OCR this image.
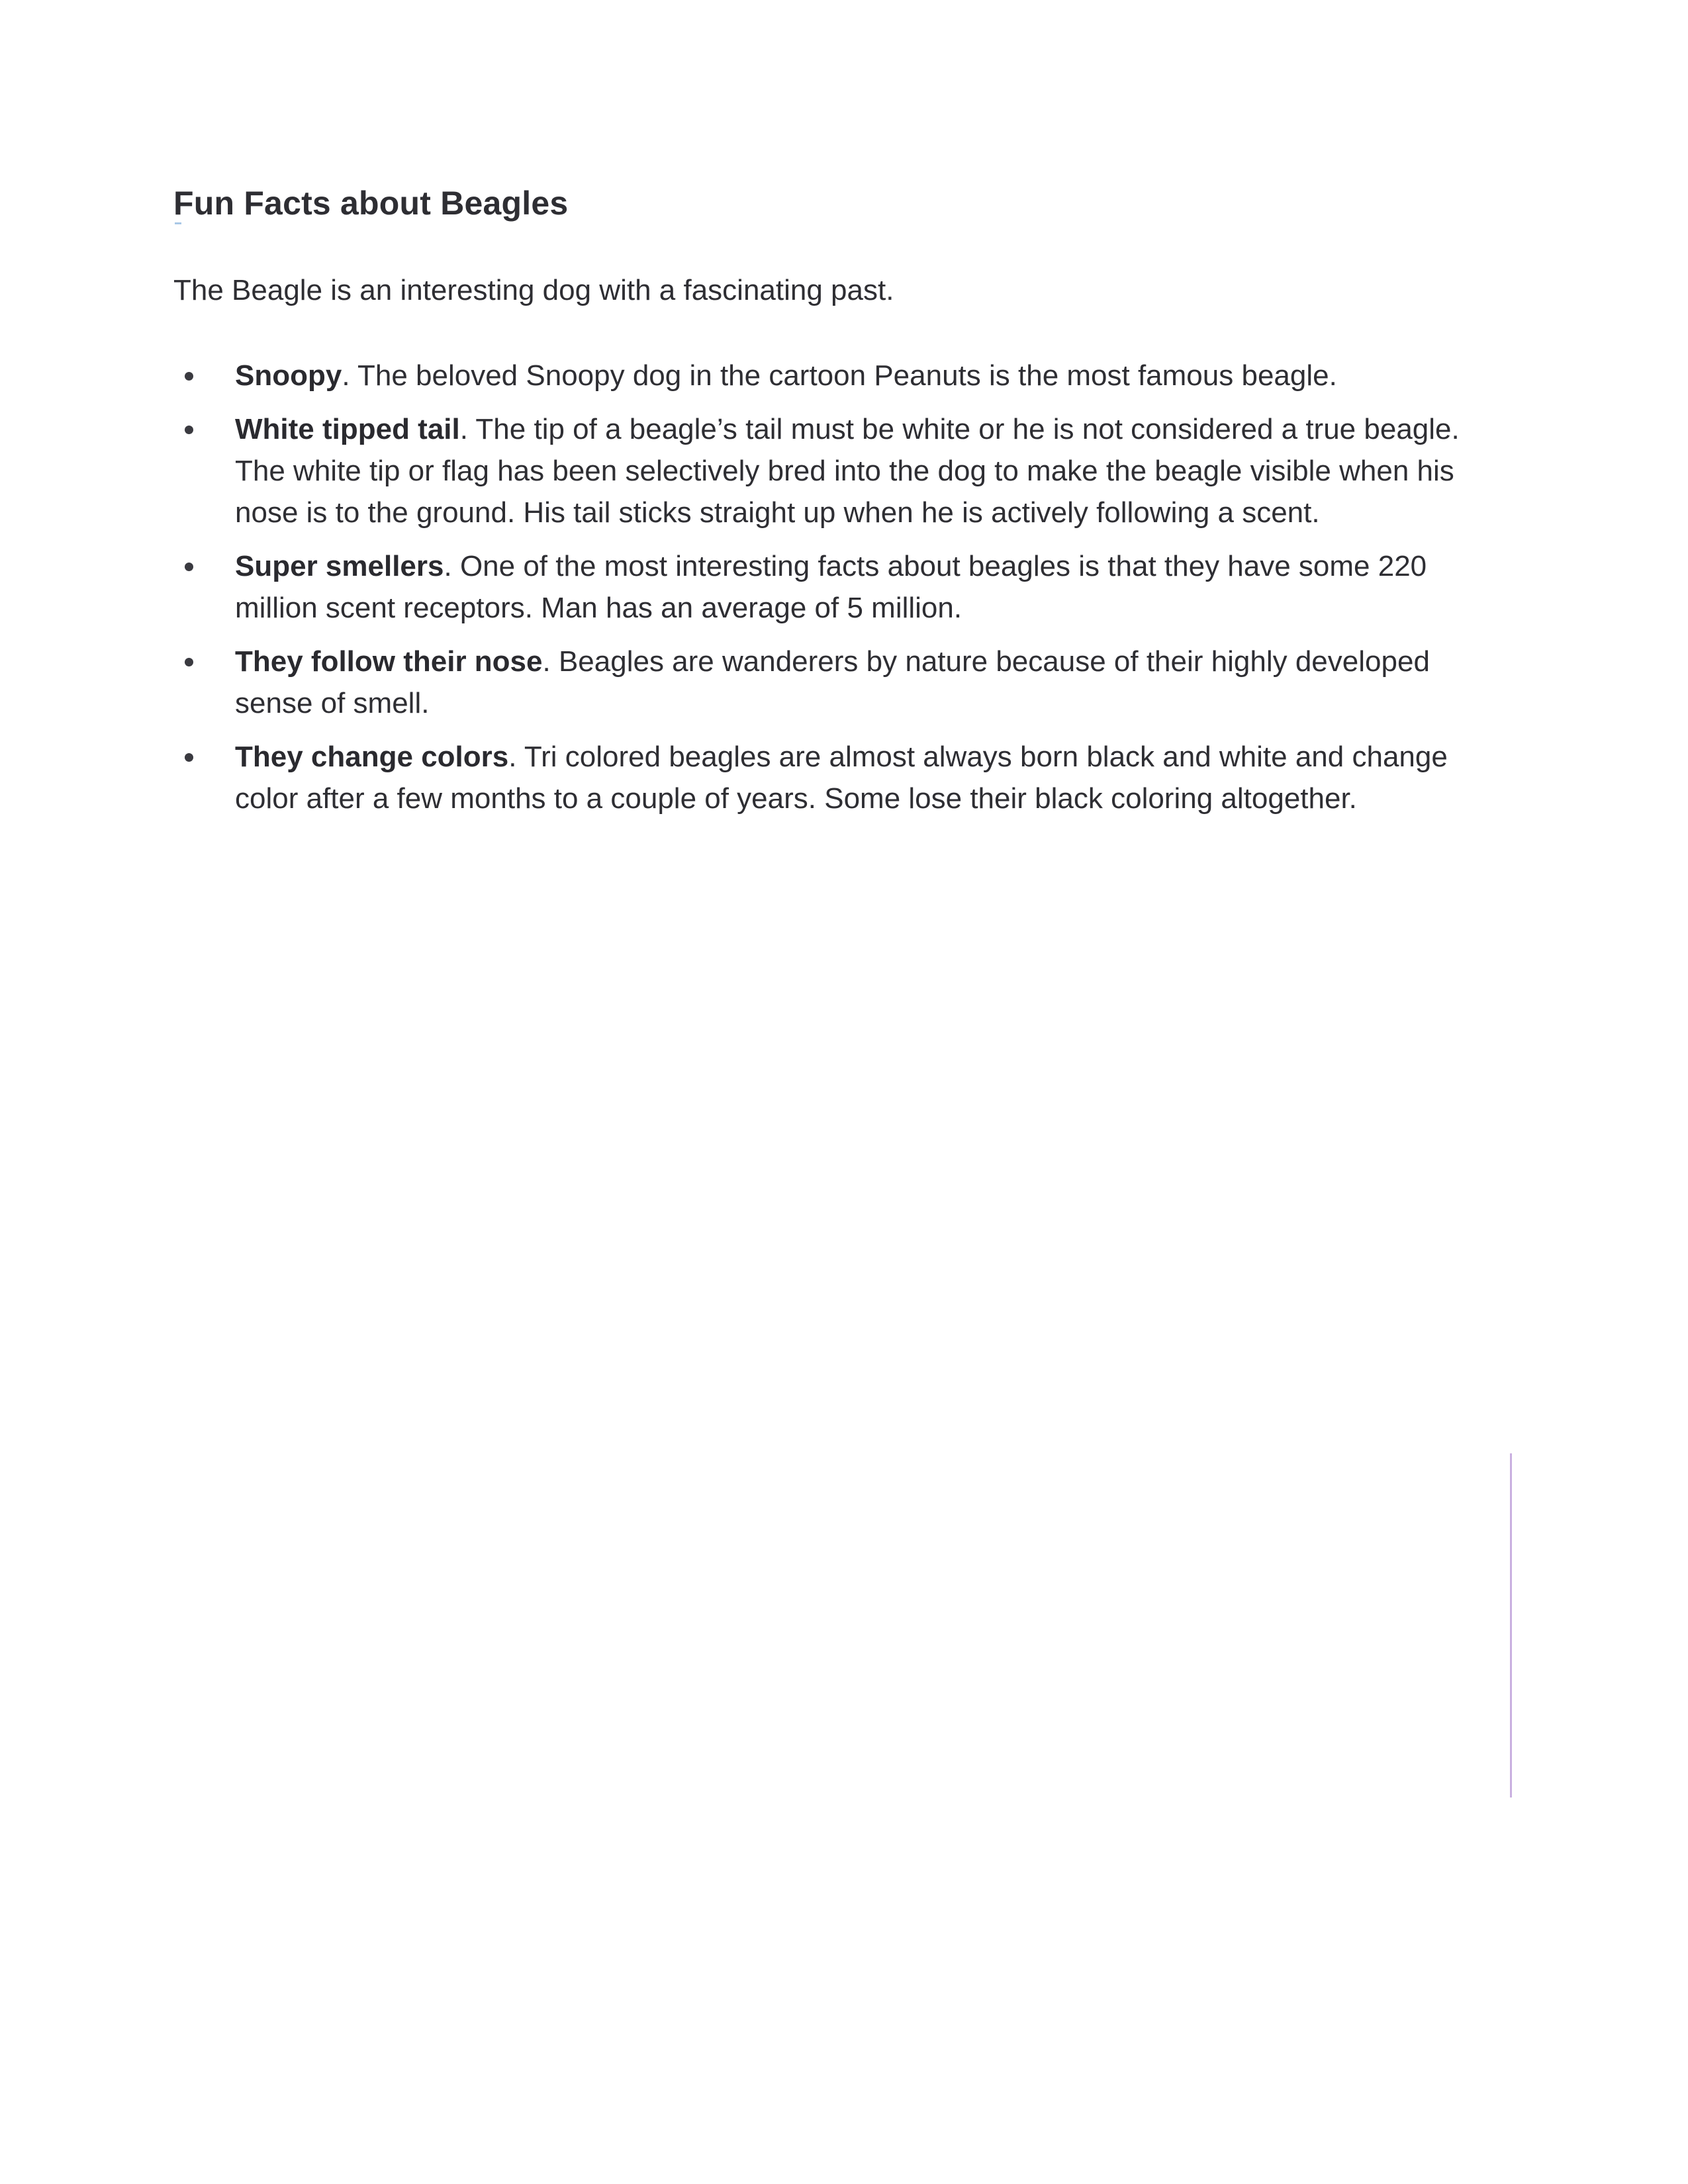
Fun Facts about Beagles

The Beagle is an interesting dog with a fascinating past.

Snoopy. The beloved Snoopy dog in the cartoon Peanuts is the most famous beagle.
White tipped tail. The tip of a beagle’s tail must be white or he is not considered a true beagle. The white tip or flag has been selectively bred into the dog to make the beagle visible when his nose is to the ground. His tail sticks straight up when he is actively following a scent.
Super smellers. One of the most interesting facts about beagles is that they have some 220 million scent receptors. Man has an average of 5 million.
They follow their nose. Beagles are wanderers by nature because of their highly developed sense of smell.
They change colors. Tri colored beagles are almost always born black and white and change color after a few months to a couple of years. Some lose their black coloring altogether.
